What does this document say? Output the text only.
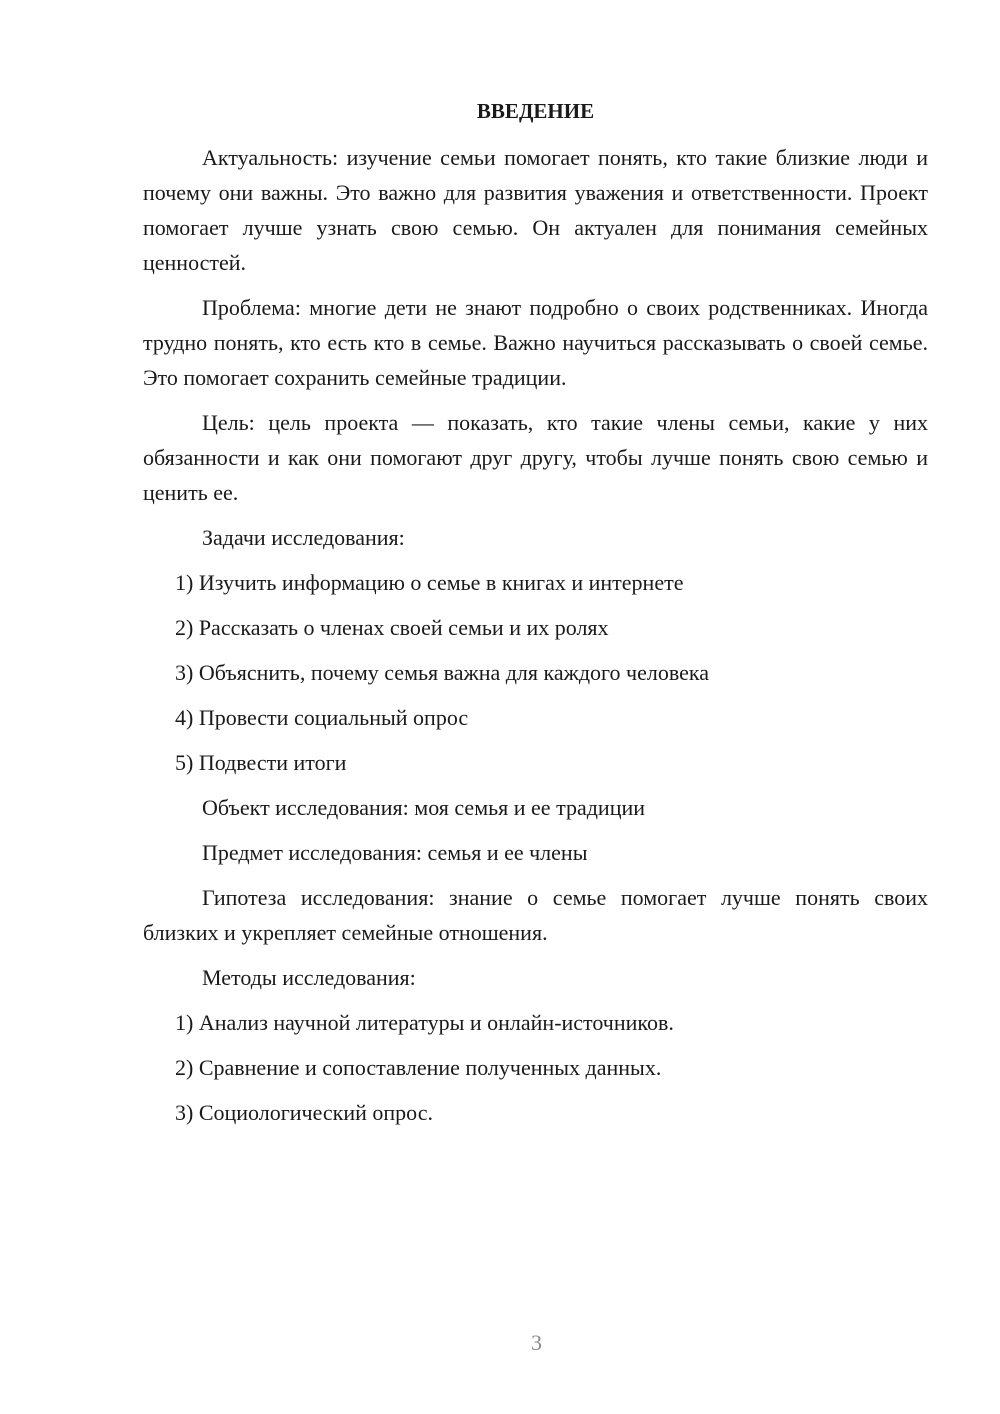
ВВЕДЕНИЕ

Актуальность: изучение семьи помогает понять, кто такие близкие люди и почему они важны. Это важно для развития уважения и ответственности. Проект помогает лучше узнать свою семью. Он актуален для понимания семейных ценностей.

Проблема: многие дети не знают подробно о своих родственниках. Иногда трудно понять, кто есть кто в семье. Важно научиться рассказывать о своей семье. Это помогает сохранить семейные традиции.

Цель: цель проекта — показать, кто такие члены семьи, какие у них обязанности и как они помогают друг другу, чтобы лучше понять свою семью и ценить ее.

Задачи исследования:

1) Изучить информацию о семье в книгах и интернете
2) Рассказать о членах своей семьи и их ролях
3) Объяснить, почему семья важна для каждого человека
4) Провести социальный опрос
5) Подвести итоги

Объект исследования: моя семья и ее традиции

Предмет исследования: семья и ее члены

Гипотеза исследования: знание о семье помогает лучше понять своих близких и укрепляет семейные отношения.

Методы исследования:

1) Анализ научной литературы и онлайн-источников.
2) Сравнение и сопоставление полученных данных.
3) Социологический опрос.
3
